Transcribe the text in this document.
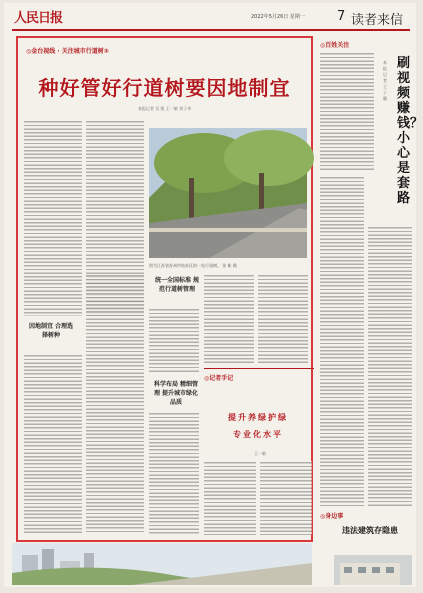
人民日报	2022年5月26日 星期一 7 读者来信
◎金台视线 · 关注城市行道树③
种好管好行道树要因地制宜
本报记者 吴 凯 王一敏 刘子李
因地制宜 合理选择树种
图为江苏省苏州市姑苏区的一处行道树。 张 新 摄
统一全国标准 规范行道树管理
科学布局 精细管理 提升城市绿化品质
◎记者手记
提升养绿护绿
专业化水平
王一敏
◎百姓关注
刷视频赚钱？小心是套路
本报记者 王子璐
◎身边事
违法建筑存隐患
